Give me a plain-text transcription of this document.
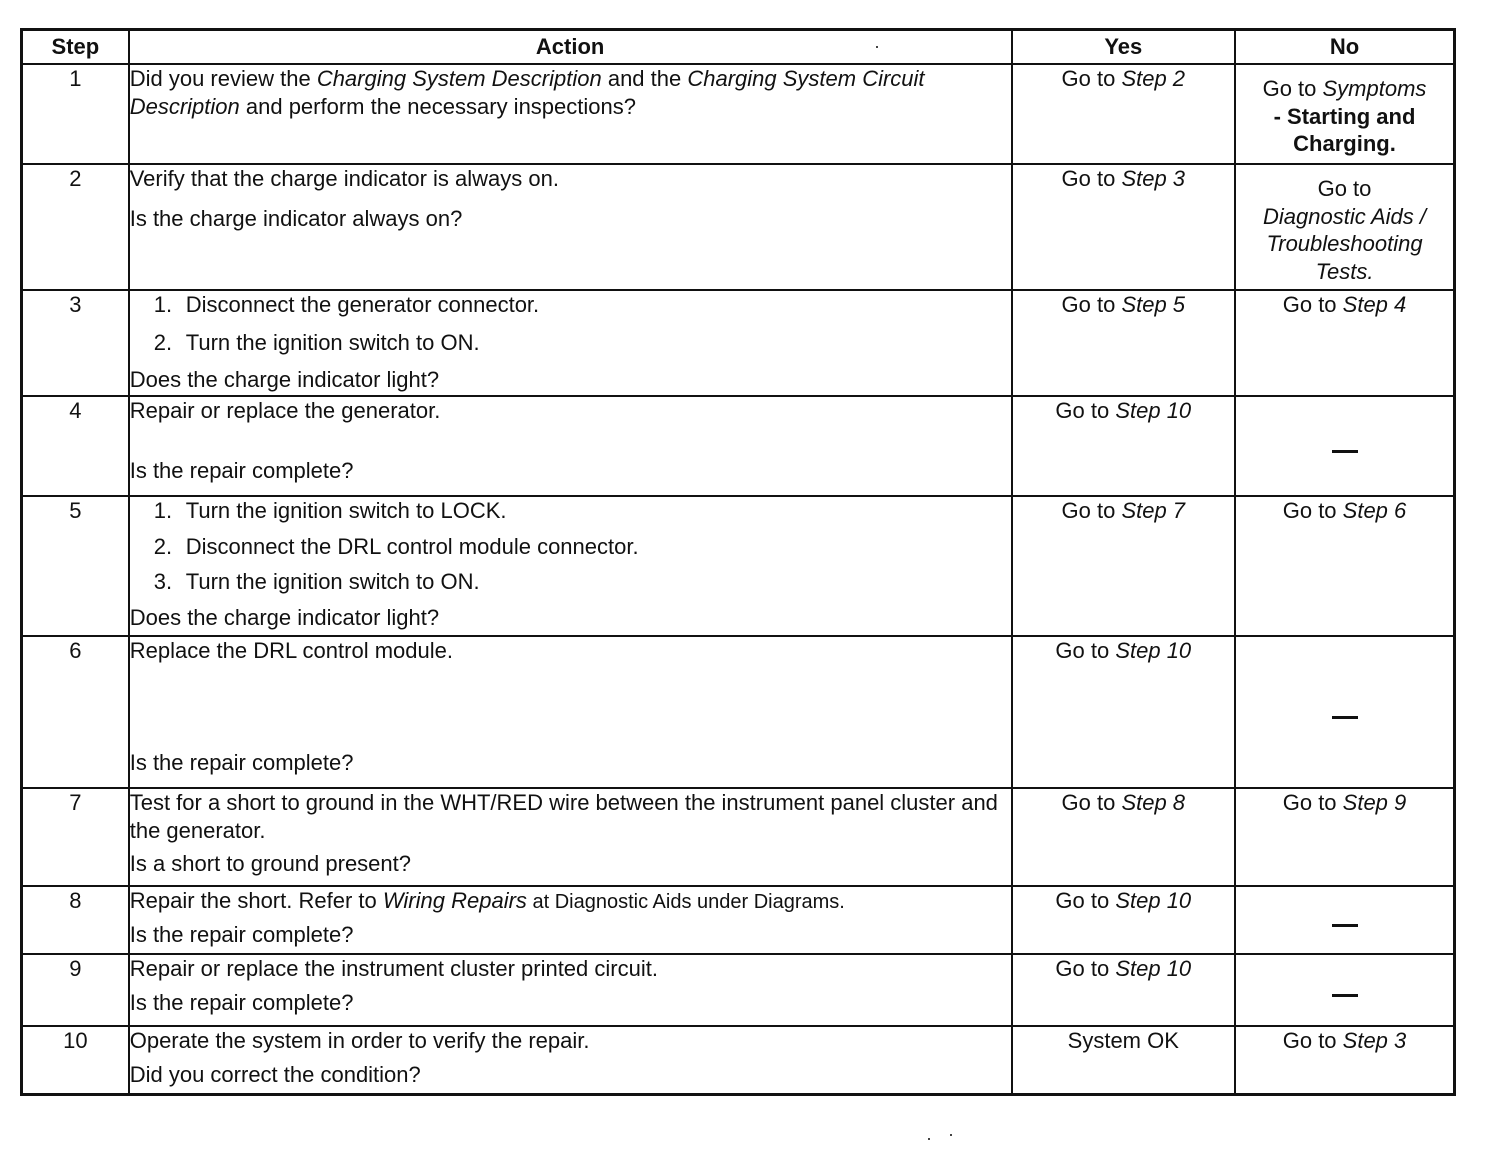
Step	Action	Yes	No
1	Did you review the Charging System Description and the Charging System Circuit Description and perform the necessary inspections?	Go to Step 2	Go to Symptoms
- Starting and Charging.
2	Verify that the charge indicator is always on.
Is the charge indicator always on?	Go to Step 3	Go to
Diagnostic Aids / Troubleshooting Tests.
3	1. Disconnect the generator connector.
2. Turn the ignition switch to ON.
Does the charge indicator light?	Go to Step 5	Go to Step 4
4	Repair or replace the generator.
Is the repair complete?	Go to Step 10	
5	1. Turn the ignition switch to LOCK.
2. Disconnect the DRL control module connector.
3. Turn the ignition switch to ON.
Does the charge indicator light?	Go to Step 7	Go to Step 6
6	Replace the DRL control module.
Is the repair complete?	Go to Step 10	
7	Test for a short to ground in the WHT/RED wire between the instrument panel cluster and the generator.
Is a short to ground present?	Go to Step 8	Go to Step 9
8	Repair the short. Refer to Wiring Repairs at Diagnostic Aids under Diagrams.
Is the repair complete?	Go to Step 10	
9	Repair or replace the instrument cluster printed circuit.
Is the repair complete?	Go to Step 10	
10	Operate the system in order to verify the repair.
Did you correct the condition?	System OK	Go to Step 3
